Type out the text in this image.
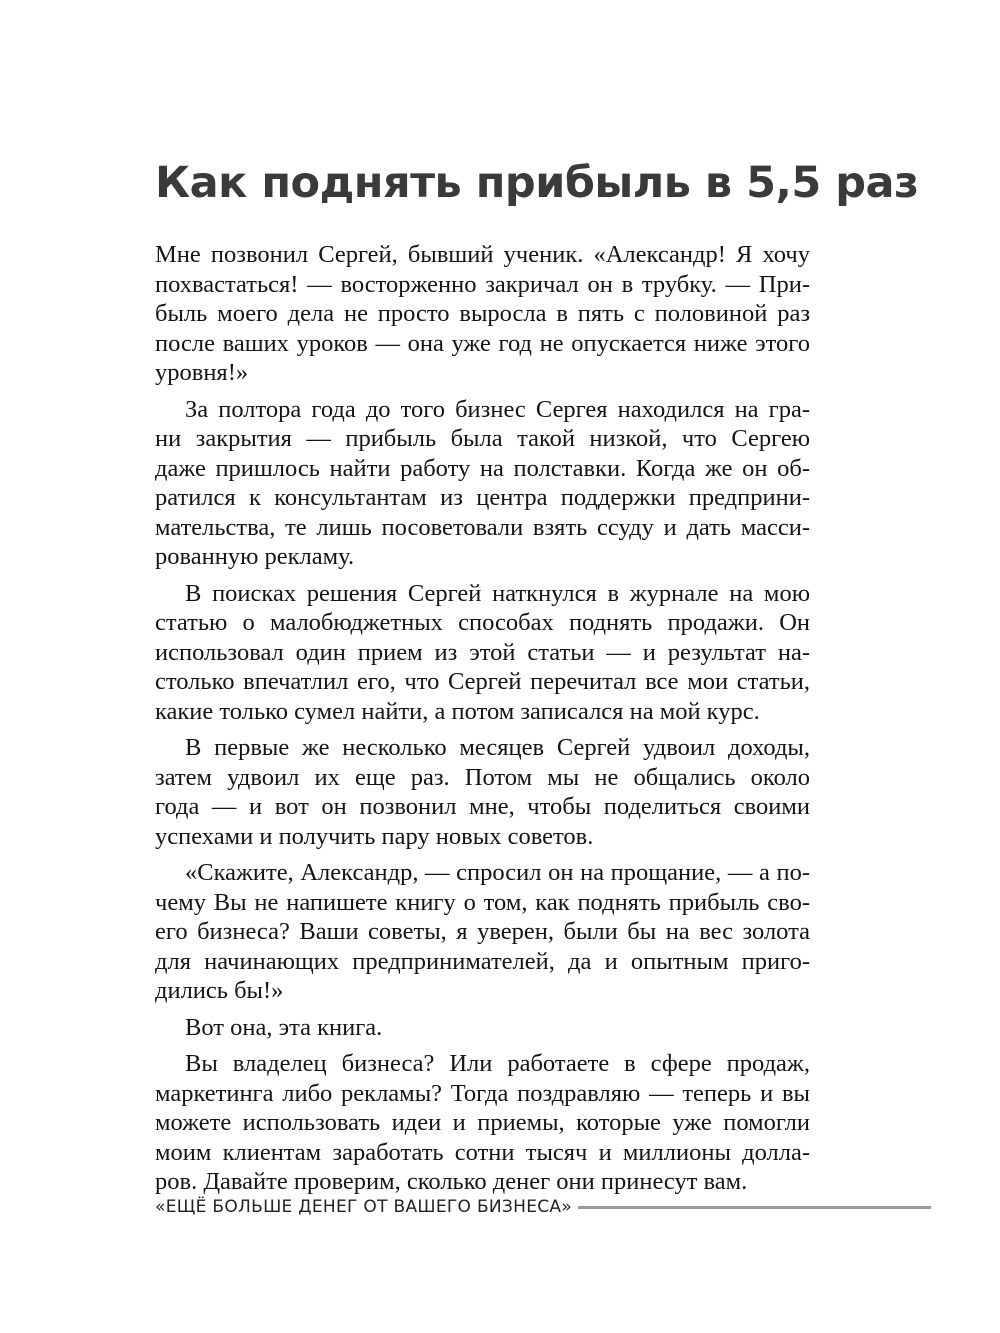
Как поднять прибыль в 5,5 раз
Мне позвонил Сергей, бывший ученик. «Александр! Я хочу
похвастаться! — восторженно закричал он в трубку. — При-
быль моего дела не просто выросла в пять с половиной раз
после ваших уроков — она уже год не опускается ниже этого
уровня!»
За полтора года до того бизнес Сергея находился на гра-
ни закрытия — прибыль была такой низкой, что Сергею
даже пришлось найти работу на полставки. Когда же он об-
ратился к консультантам из центра поддержки предприни-
мательства, те лишь посоветовали взять ссуду и дать масси-
рованную рекламу.
В поисках решения Сергей наткнулся в журнале на мою
статью о малобюджетных способах поднять продажи. Он
использовал один прием из этой статьи — и результат на-
столько впечатлил его, что Сергей перечитал все мои статьи,
какие только сумел найти, а потом записался на мой курс.
В первые же несколько месяцев Сергей удвоил доходы,
затем удвоил их еще раз. Потом мы не общались около
года — и вот он позвонил мне, чтобы поделиться своими
успехами и получить пару новых советов.
«Скажите, Александр, — спросил он на прощание, — а по-
чему Вы не напишете книгу о том, как поднять прибыль сво-
его бизнеса? Ваши советы, я уверен, были бы на вес золота
для начинающих предпринимателей, да и опытным приго-
дились бы!»
Вот она, эта книга.
Вы владелец бизнеса? Или работаете в сфере продаж,
маркетинга либо рекламы? Тогда поздравляю — теперь и вы
можете использовать идеи и приемы, которые уже помогли
моим клиентам заработать сотни тысяч и миллионы долла-
ров. Давайте проверим, сколько денег они принесут вам.
«ЕЩЁ БОЛЬШЕ ДЕНЕГ ОТ ВАШЕГО БИЗНЕСА»
